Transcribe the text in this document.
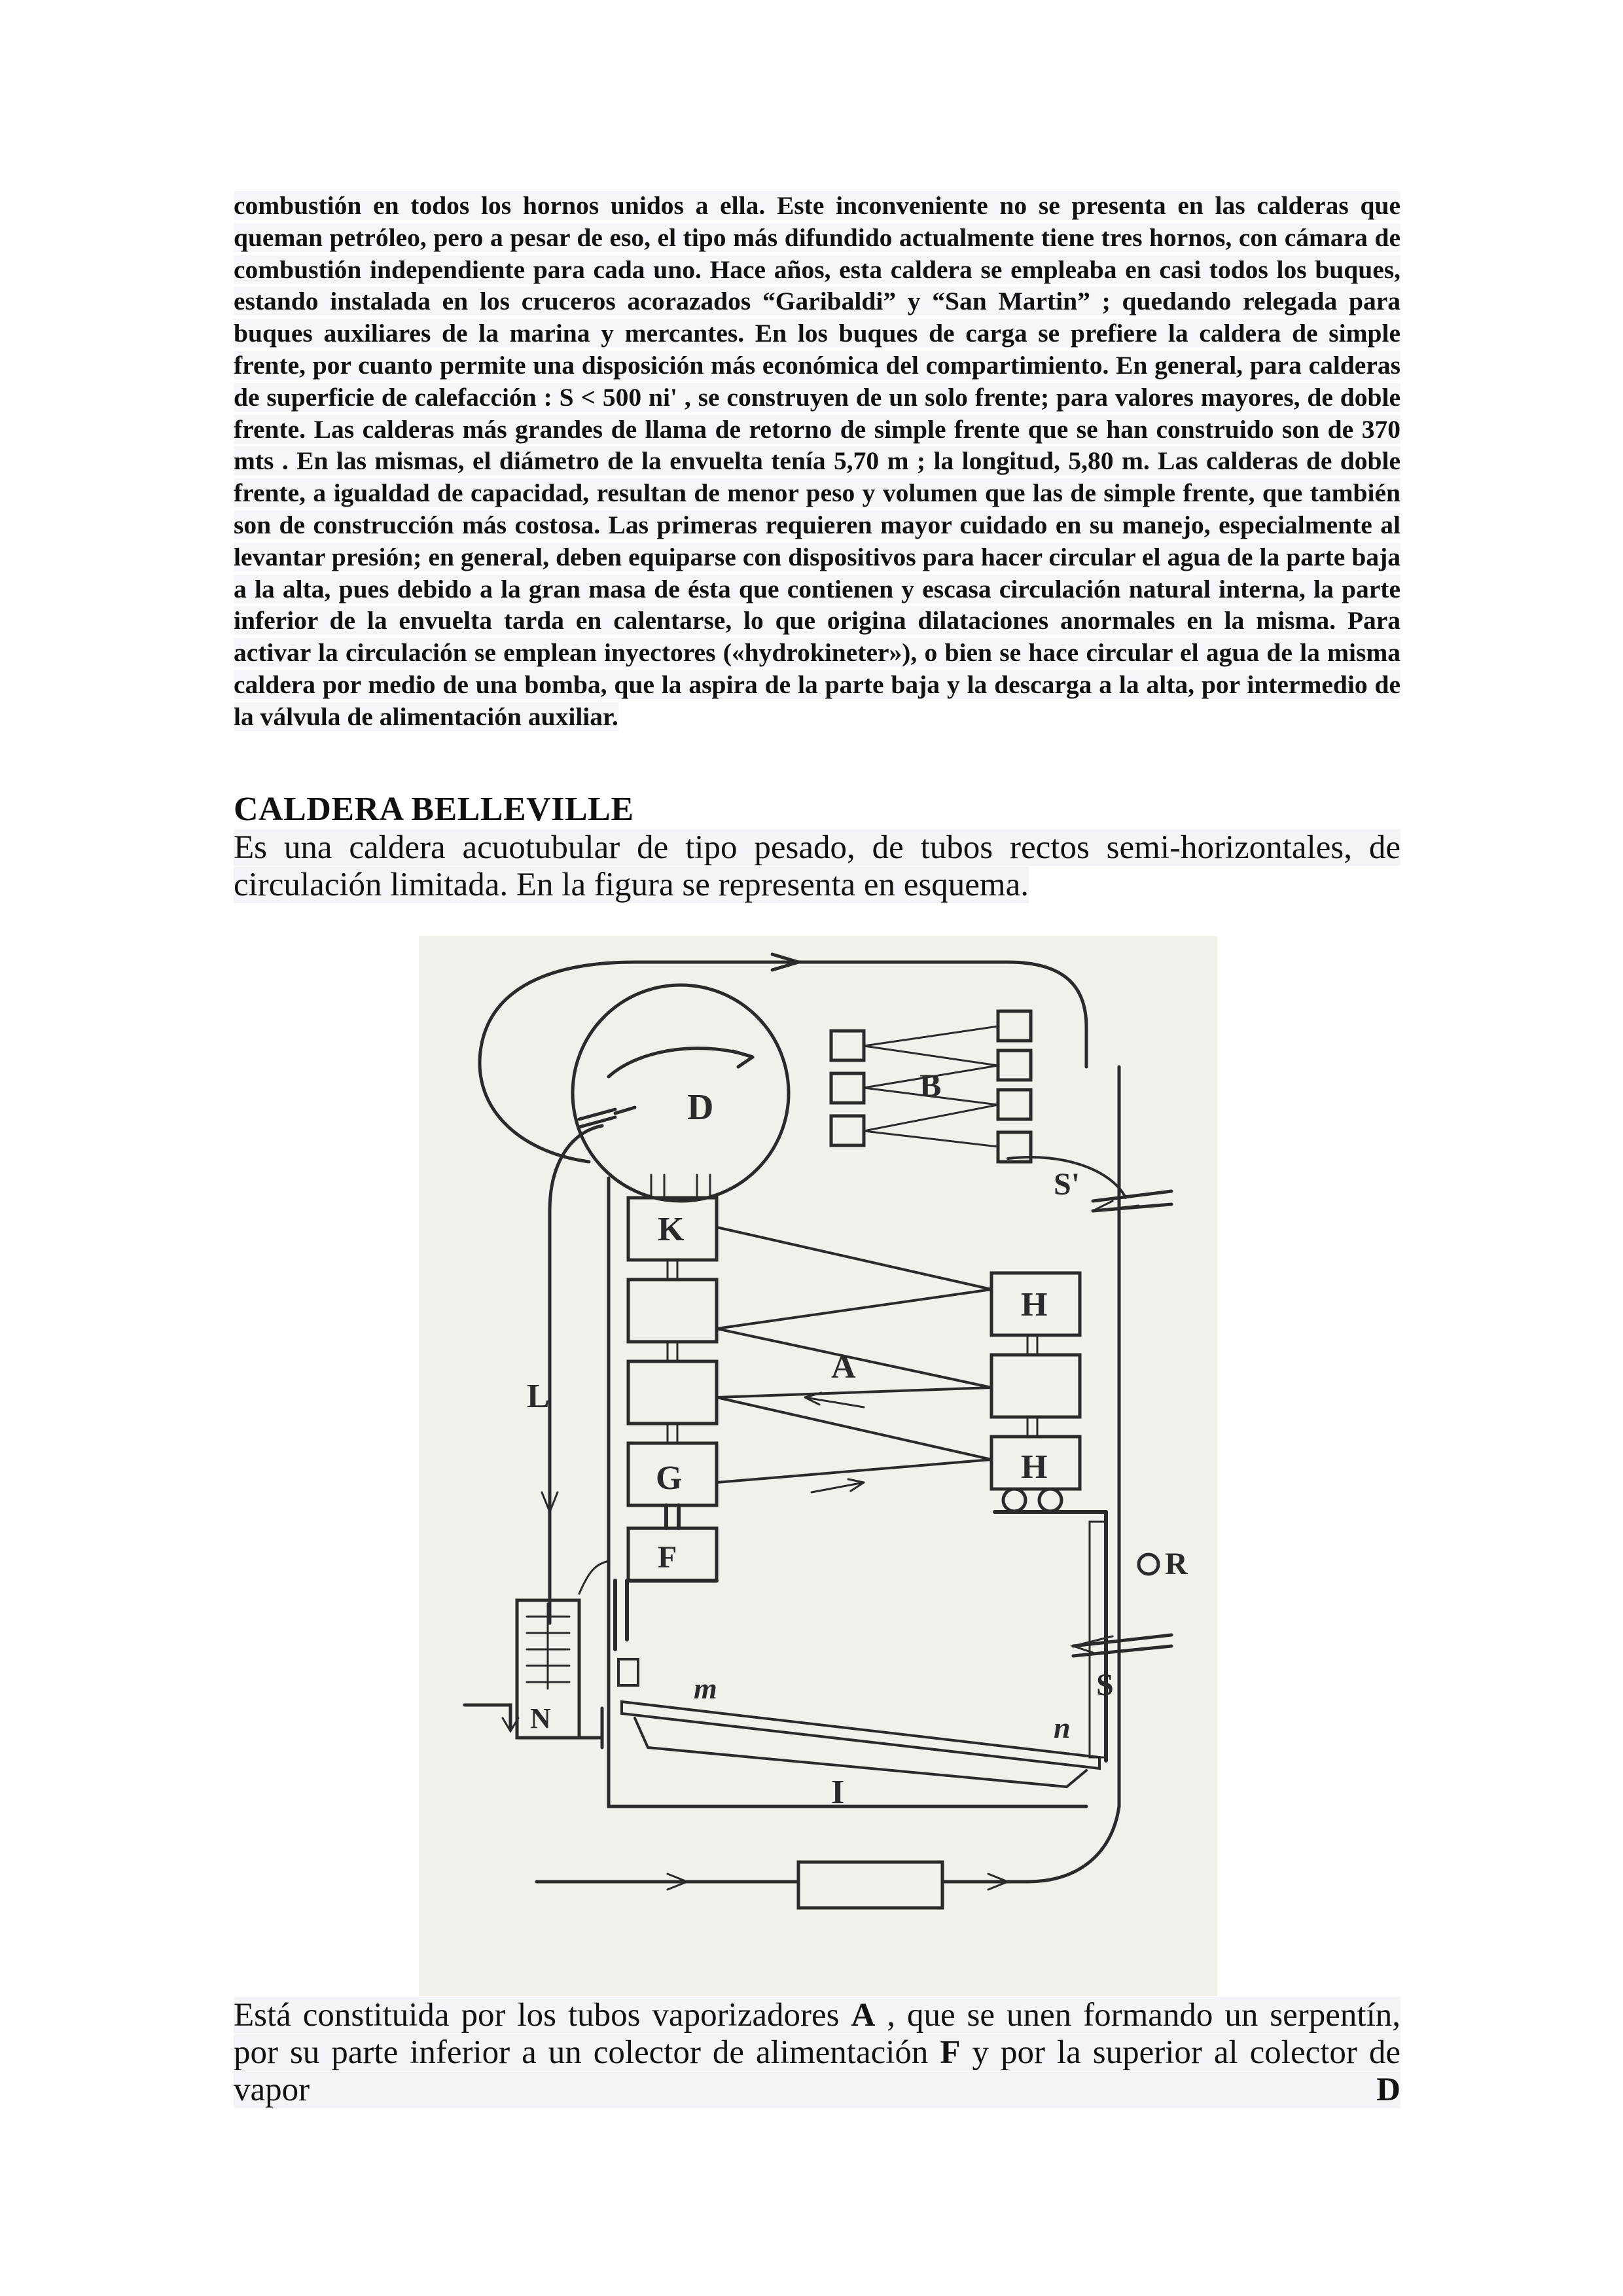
combustión en todos los hornos unidos a ella. Este inconveniente no se presenta en las calderas que queman petróleo, pero a pesar de eso, el tipo más difundido actualmente tiene tres hornos, con cámara de combustión independiente para cada uno. Hace años, esta caldera se empleaba en casi todos los buques, estando instalada en los cruceros acorazados “Garibaldi” y “San Martin” ; quedando relegada para buques auxiliares de la marina y mercantes. En los buques de carga se prefiere la caldera de simple frente, por cuanto permite una disposición más económica del compartimiento. En general, para calderas de superficie de calefacción : S < 500 ni' , se construyen de un solo frente; para valores mayores, de doble frente. Las calderas más grandes de llama de retorno de simple frente que se han construido son de 370 mts . En las mismas, el diámetro de la envuelta tenía 5,70 m ; la longitud, 5,80 m. Las calderas de doble frente, a igualdad de capacidad, resultan de menor peso y volumen que las de simple frente, que también son de construcción más costosa. Las primeras requieren mayor cuidado en su manejo, especialmente al levantar presión; en general, deben equiparse con dispositivos para hacer circular el agua de la parte baja a la alta, pues debido a la gran masa de ésta que contienen y escasa circulación natural interna, la parte inferior de la envuelta tarda en calentarse, lo que origina dilataciones anormales en la misma. Para activar la circulación se emplean inyectores («hydrokineter»), o bien se hace circular el agua de la misma caldera por medio de una bomba, que la aspira de la parte baja y la descarga a la alta, por intermedio de la válvula de alimentación auxiliar.

CALDERA BELLEVILLE

Es una caldera acuotubular de tipo pesado, de tubos rectos semi-horizontales, de circulación limitada. En la figura se representa en esquema.

D
B
S'
K
G
F
H
H
A
L
N
m
n
I
R
S

Está constituida por los tubos vaporizadores A , que se unen formando un serpentín, por su parte inferior a un colector de alimentación F y por la superior al colector de vapor D
